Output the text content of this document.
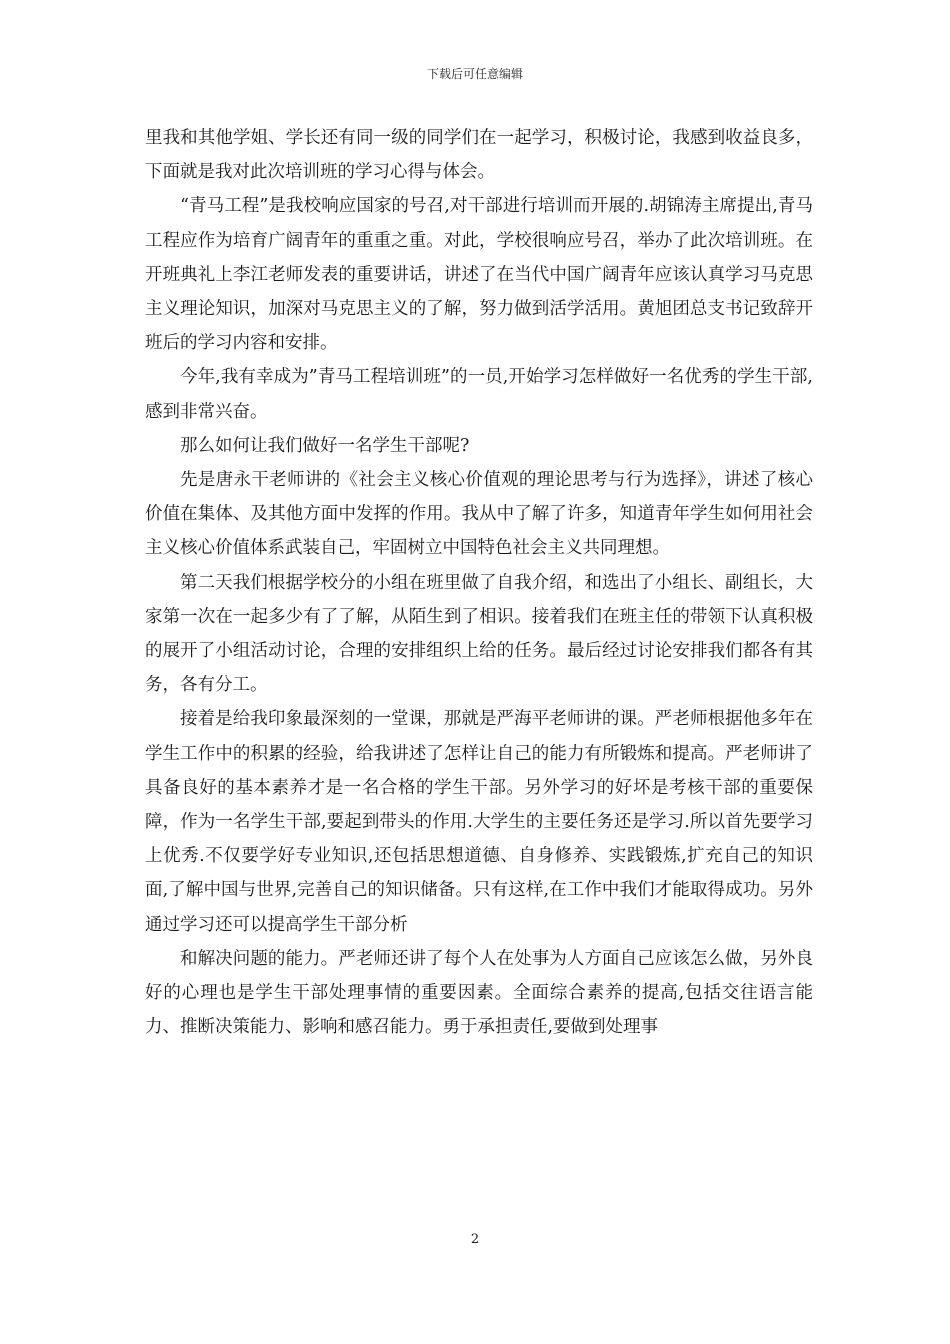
下载后可任意编辑

里我和其他学姐、学长还有同一级的同学们在一起学习，积极讨论，我感到收益良多，下面就是我对此次培训班的学习心得与体会。

“青马工程”是我校响应国家的号召,对干部进行培训而开展的.胡锦涛主席提出,青马工程应作为培育广阔青年的重重之重。对此，学校很响应号召，举办了此次培训班。在开班典礼上李江老师发表的重要讲话，讲述了在当代中国广阔青年应该认真学习马克思主义理论知识，加深对马克思主义的了解，努力做到活学活用。黄旭团总支书记致辞开班后的学习内容和安排。

今年,我有幸成为”青马工程培训班”的一员,开始学习怎样做好一名优秀的学生干部,感到非常兴奋。

那么如何让我们做好一名学生干部呢?

先是唐永干老师讲的《社会主义核心价值观的理论思考与行为选择》，讲述了核心价值在集体、及其他方面中发挥的作用。我从中了解了许多，知道青年学生如何用社会主义核心价值体系武装自己，牢固树立中国特色社会主义共同理想。

第二天我们根据学校分的小组在班里做了自我介绍，和选出了小组长、副组长，大家第一次在一起多少有了了解，从陌生到了相识。接着我们在班主任的带领下认真积极的展开了小组活动讨论，合理的安排组织上给的任务。最后经过讨论安排我们都各有其务，各有分工。

接着是给我印象最深刻的一堂课，那就是严海平老师讲的课。严老师根据他多年在学生工作中的积累的经验，给我讲述了怎样让自己的能力有所锻炼和提高。严老师讲了具备良好的基本素养才是一名合格的学生干部。另外学习的好坏是考核干部的重要保障，作为一名学生干部,要起到带头的作用.大学生的主要任务还是学习.所以首先要学习上优秀.不仅要学好专业知识,还包括思想道德、自身修养、实践锻炼,扩充自己的知识面,了解中国与世界,完善自己的知识储备。只有这样,在工作中我们才能取得成功。另外通过学习还可以提高学生干部分析

和解决问题的能力。严老师还讲了每个人在处事为人方面自己应该怎么做，另外良好的心理也是学生干部处理事情的重要因素。全面综合素养的提高,包括交往语言能力、推断决策能力、影响和感召能力。勇于承担责任,要做到处理事

2
